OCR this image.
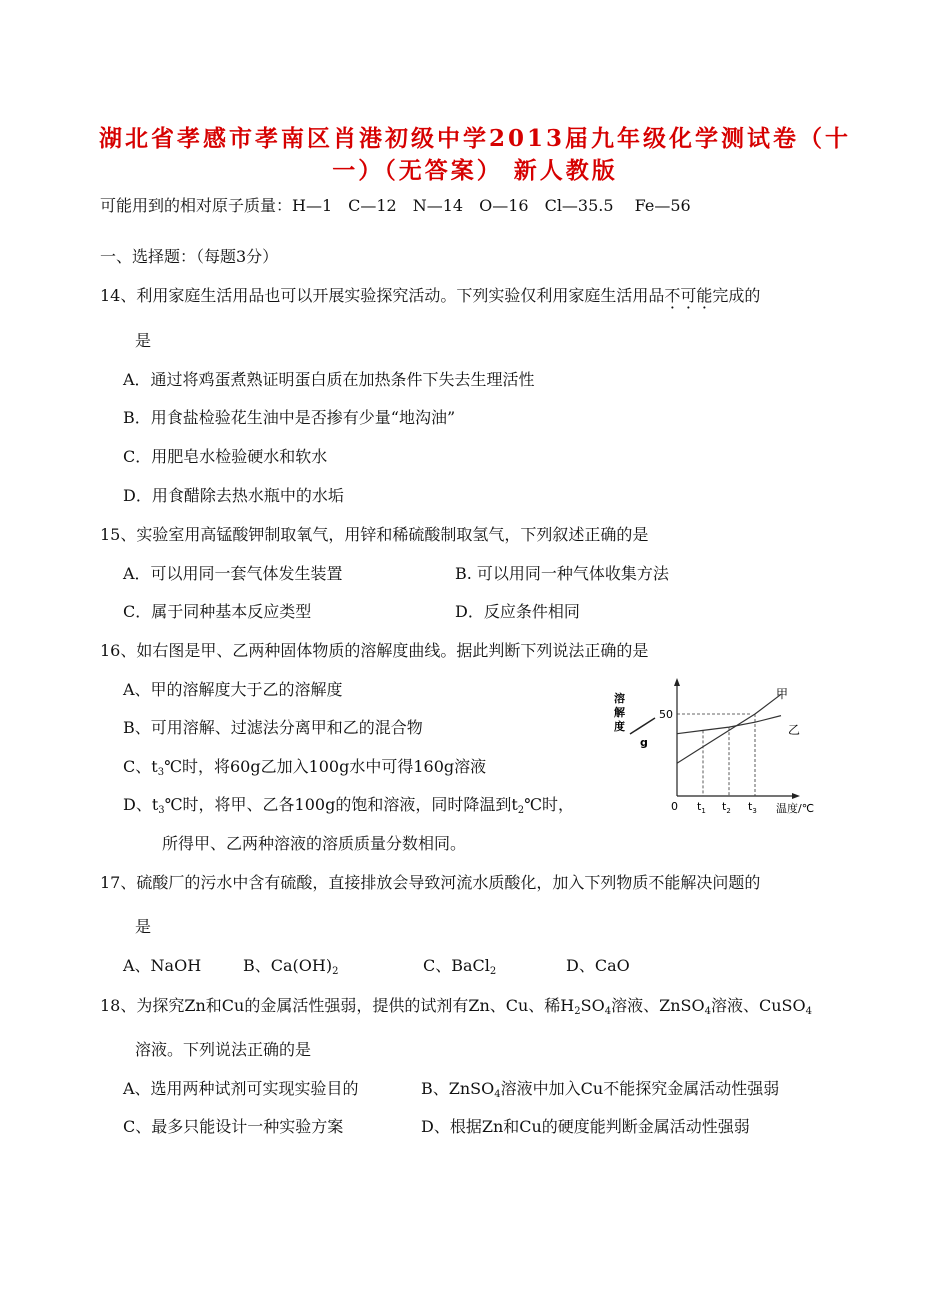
湖北省孝感市孝南区肖港初级中学2013届九年级化学测试卷（十
一）（无答案） 新人教版
可能用到的相对原子质量：H—1　C—12　N—14　O—16　Cl—35.5　 Fe—56
一、选择题：（每题3分）
14、利用家庭生活用品也可以开展实验探究活动。下列实验仅利用家庭生活用品不可能完成的
是
A．通过将鸡蛋煮熟证明蛋白质在加热条件下失去生理活性
B．用食盐检验花生油中是否掺有少量“地沟油”
C．用肥皂水检验硬水和软水
D．用食醋除去热水瓶中的水垢
15、实验室用高锰酸钾制取氧气，用锌和稀硫酸制取氢气，下列叙述正确的是
A．可以用同一套气体发生装置	B. 可以用同一种气体收集方法
C．属于同种基本反应类型	D．反应条件相同
16、如右图是甲、乙两种固体物质的溶解度曲线。据此判断下列说法正确的是
A、甲的溶解度大于乙的溶解度
B、可用溶解、过滤法分离甲和乙的混合物
C、$t_3℃$时，将60g乙加入100g水中可得160g溶液
D、$t_3℃$时，将甲、乙各100g的饱和溶液，同时降温到$t_2℃$时，
所得甲、乙两种溶液的溶质质量分数相同。
溶
解
度
g
0
50
$t_1$ $t_2$ $t_3$ 温度/℃
甲
乙
17、硫酸厂的污水中含有硫酸，直接排放会导致河流水质酸化，加入下列物质不能解决问题的
是
A、NaOH	B、$Ca(OH)_2$	C、BaCl$_2$	D、CaO
18、为探究Zn和Cu的金属活性强弱，提供的试剂有Zn、Cu、稀$H_2SO_4$溶液、ZnSO$_4$溶液、CuSO$_4$
溶液。下列说法正确的是
A、选用两种试剂可实现实验目的	B、ZnSO$_4$溶液中加入Cu不能探究金属活动性强弱
C、最多只能设计一种实验方案	D、根据Zn和Cu的硬度能判断金属活动性强弱
